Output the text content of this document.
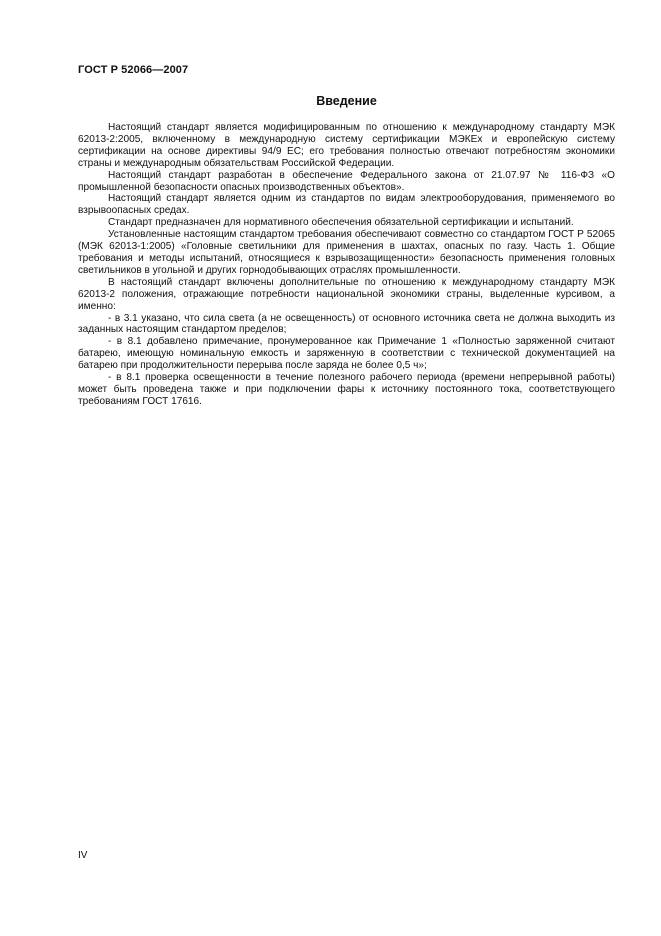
ГОСТ Р 52066—2007
Введение

Настоящий стандарт является модифицированным по отношению к международному стандарту МЭК 62013-2:2005, включенному в международную систему сертификации МЭКЕх и европейскую систему сертификации на основе директивы 94/9 ЕС; его требования полностью отвечают потребностям экономики страны и международным обязательствам Российской Федерации.

Настоящий стандарт разработан в обеспечение Федерального закона от 21.07.97 № 116-ФЗ «О промышленной безопасности опасных производственных объектов».

Настоящий стандарт является одним из стандартов по видам электрооборудования, применяемого во взрывоопасных средах.

Стандарт предназначен для нормативного обеспечения обязательной сертификации и испытаний.

Установленные настоящим стандартом требования обеспечивают совместно со стандартом ГОСТ Р 52065 (МЭК 62013-1:2005) «Головные светильники для применения в шахтах, опасных по газу. Часть 1. Общие требования и методы испытаний, относящиеся к взрывозащищенности» безопасность применения головных светильников в угольной и других горнодобывающих отраслях промышленности.

В настоящий стандарт включены дополнительные по отношению к международному стандарту МЭК 62013-2 положения, отражающие потребности национальной экономики страны, выделенные курсивом, а именно:

- в 3.1 указано, что сила света (а не освещенность) от основного источника света не должна выходить из заданных настоящим стандартом пределов;

- в 8.1 добавлено примечание, пронумерованное как Примечание 1 «Полностью заряженной считают батарею, имеющую номинальную емкость и заряженную в соответствии с технической документацией на батарею при продолжительности перерыва после заряда не более 0,5 ч»;

- в 8.1 проверка освещенности в течение полезного рабочего периода (времени непрерывной работы) может быть проведена также и при подключении фары к источнику постоянного тока, соответствующего требованиям ГОСТ 17616.

IV
